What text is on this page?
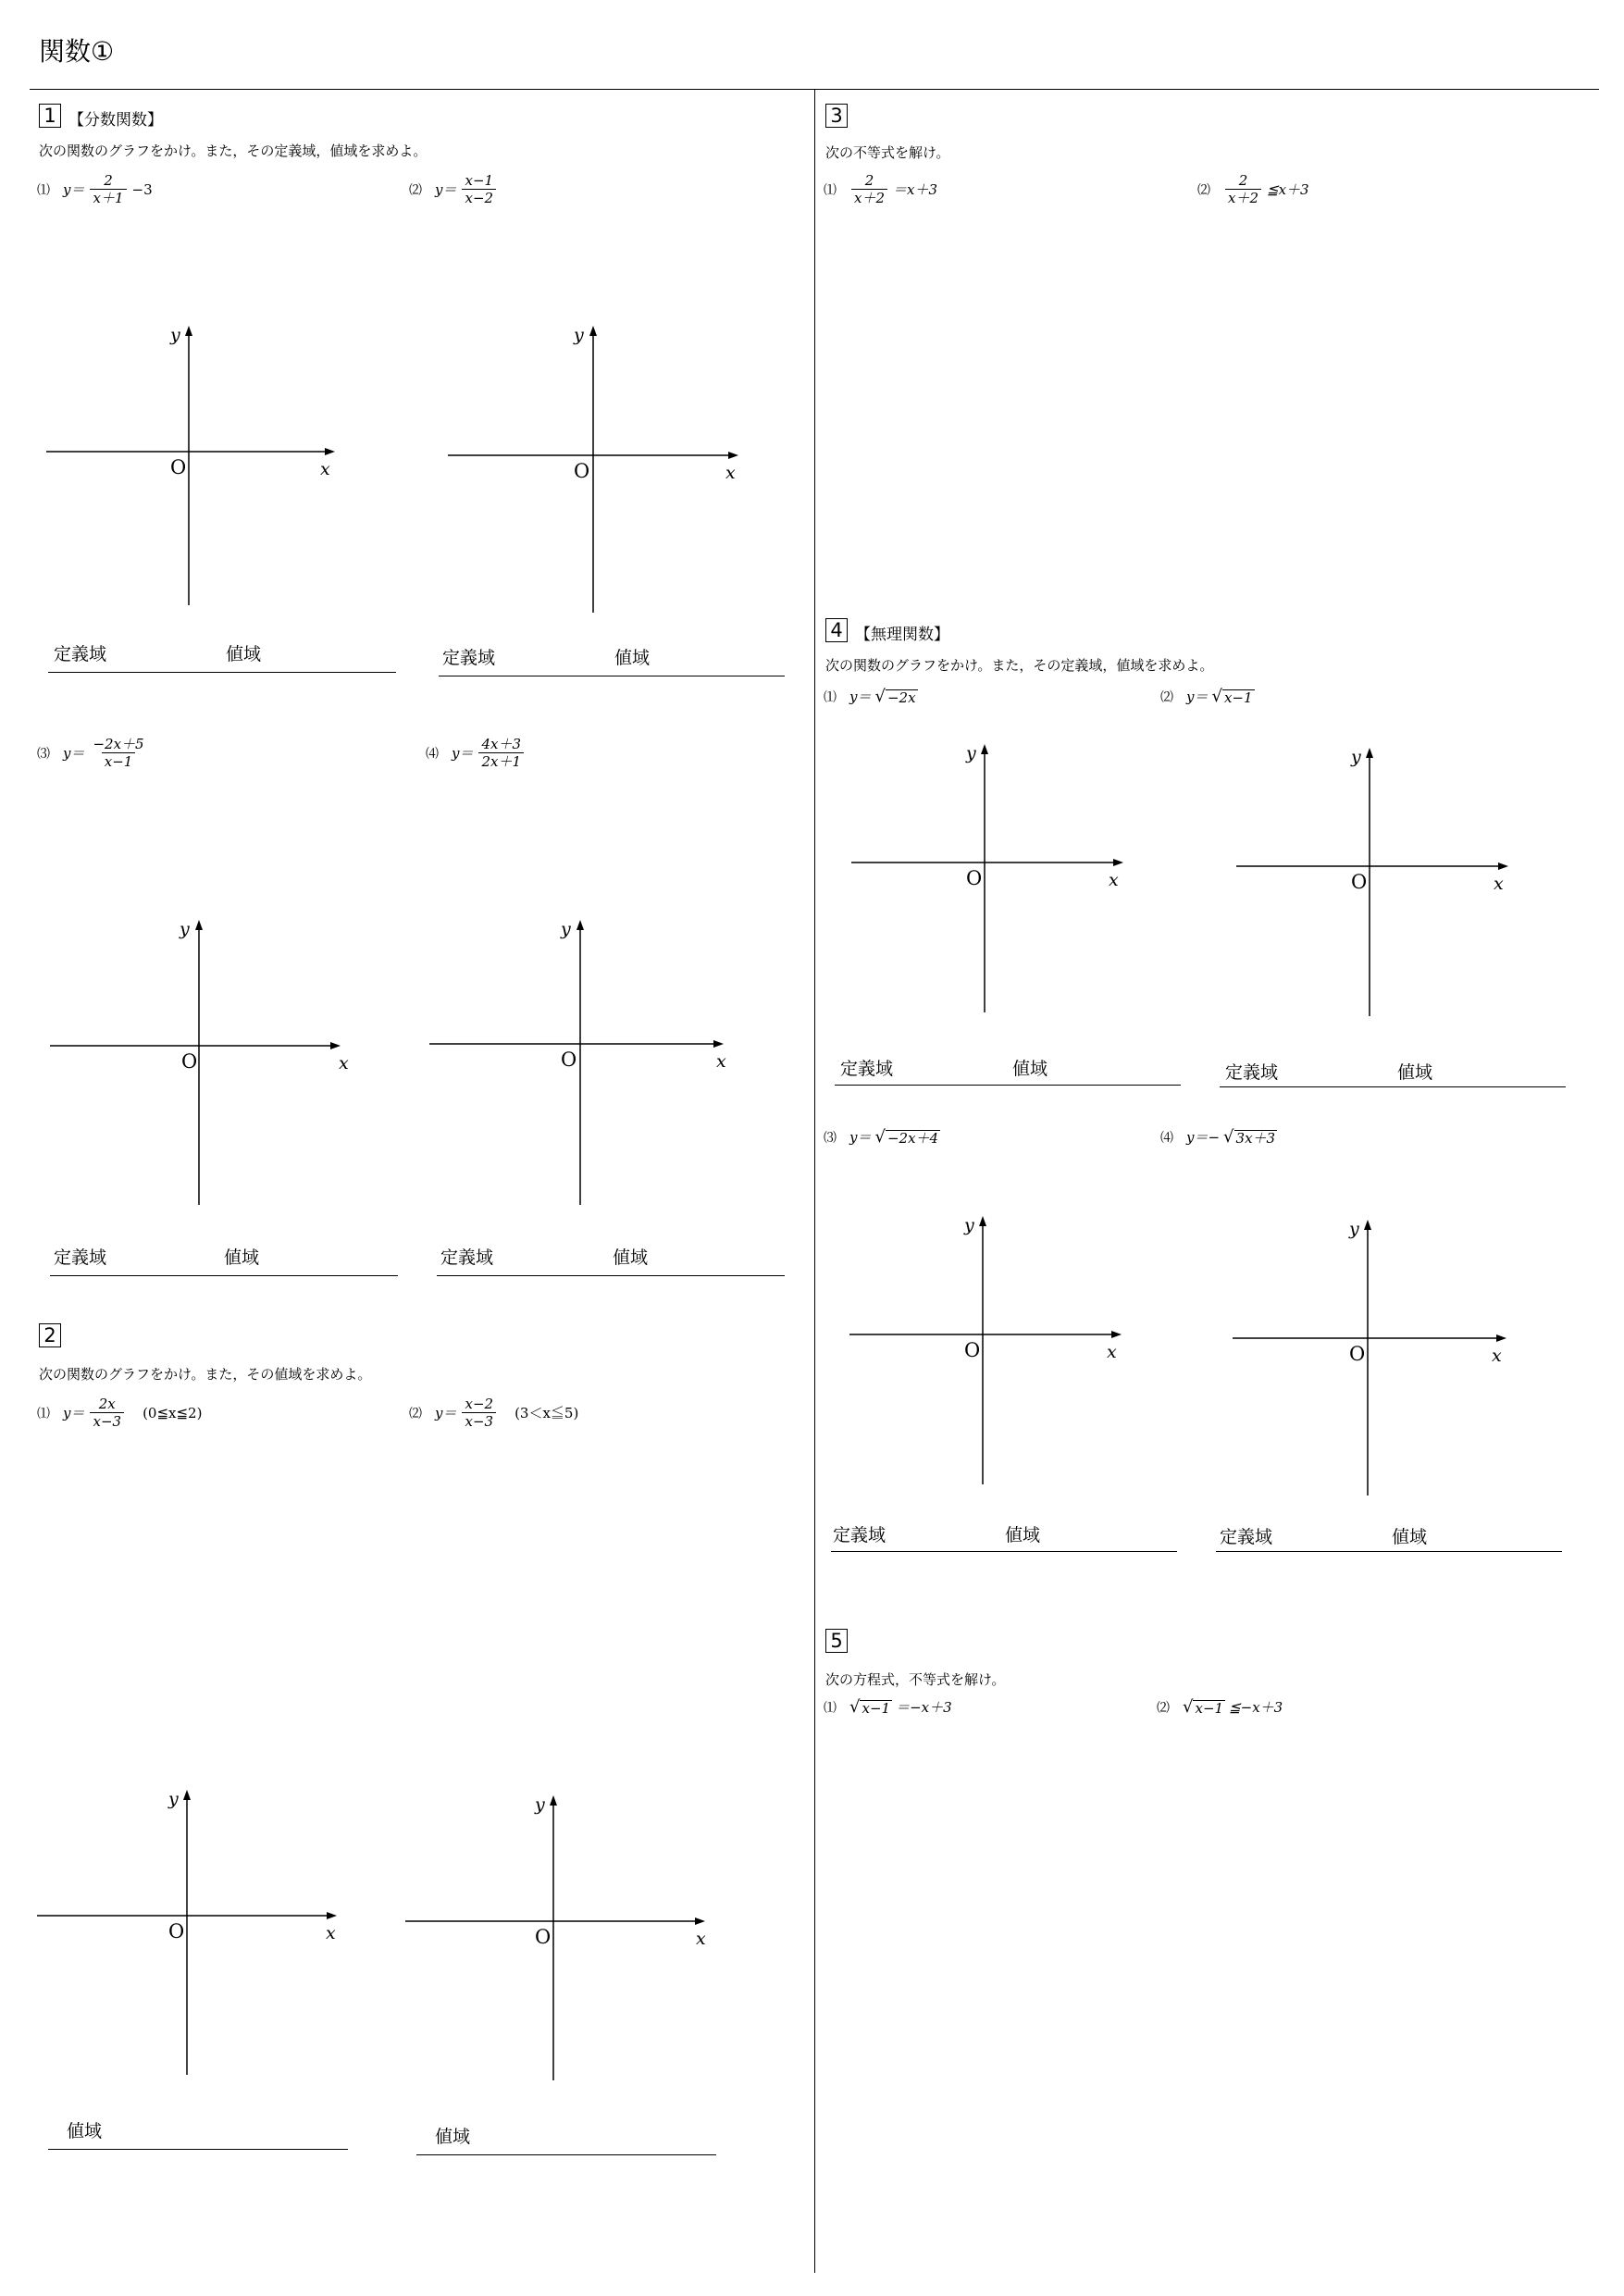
関数①
1 【分数関数】
次の関数のグラフをかけ。また，その定義域，値域を求めよ。
⑴ $y= \frac{2}{x+1} -3$	⑵ $y= \frac{x-1}{x-2}$
y
x
O
y
x
O
定義域	値域	定義域	値域
⑶ $y= \frac{-2x+5}{x-1}$	⑷ $y= \frac{4x+3}{2x+1}$
y
x
O
y
x
O
定義域	値域	定義域	値域
2
次の関数のグラフをかけ。また，その値域を求めよ。
⑴ $y= \frac{2x}{x-3}$ (0≦x≦2)	⑵ $y= \frac{x-2}{x-3}$ (3＜x≦5)
y
x
O
y
x
O
値域	値域
3
次の不等式を解け。
⑴ $\frac{2}{x+2} =x+3$	⑵ $\frac{2}{x+2}$ ≦x＋3
4 【無理関数】
次の関数のグラフをかけ。また，その定義域，値域を求めよ。
⑴ y＝ √ −2x	⑵ y＝ √ x−1
y
x
O
y
x
O
定義域	値域	定義域	値域
⑶ y＝ √ −2x＋4	⑷ y＝− √ 3x＋3
y
x
O
y
x
O
定義域	値域	定義域	値域
5
次の方程式，不等式を解け。
⑴ √ x−1 ＝−x＋3	⑵ √ x−1 ≦−x＋3
